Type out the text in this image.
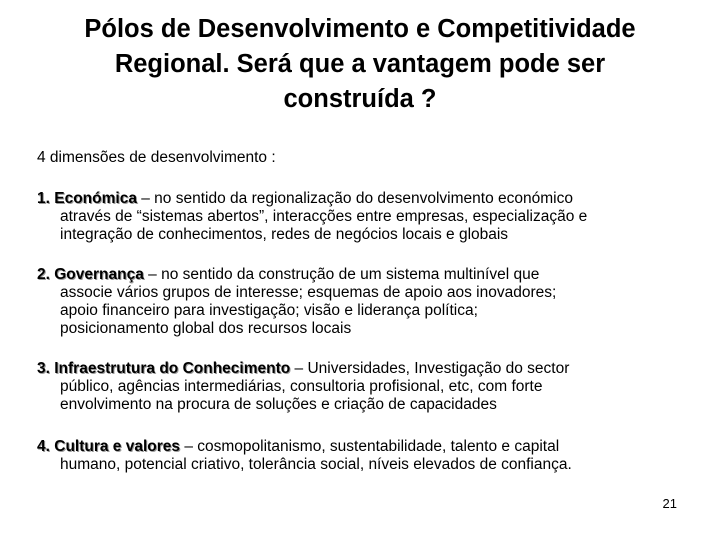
Pólos de Desenvolvimento e Competitividade
Regional. Será que a vantagem pode ser
construída ?
4 dimensões de desenvolvimento :
1. Económica – no sentido da regionalização do desenvolvimento económico
através de “sistemas abertos”, interacções entre empresas, especialização e
integração de conhecimentos, redes de negócios locais e globais
2. Governança – no sentido da construção de um sistema multinível que
associe vários grupos de interesse; esquemas de apoio aos inovadores;
apoio financeiro para investigação; visão e liderança política;
posicionamento global dos recursos locais
3. Infraestrutura do Conhecimento – Universidades, Investigação do sector
público, agências intermediárias, consultoria profisional, etc, com forte
envolvimento na procura de soluções e criação de capacidades
4. Cultura e valores – cosmopolitanismo, sustentabilidade, talento e capital
humano, potencial criativo, tolerância social, níveis elevados de confiança.
21
